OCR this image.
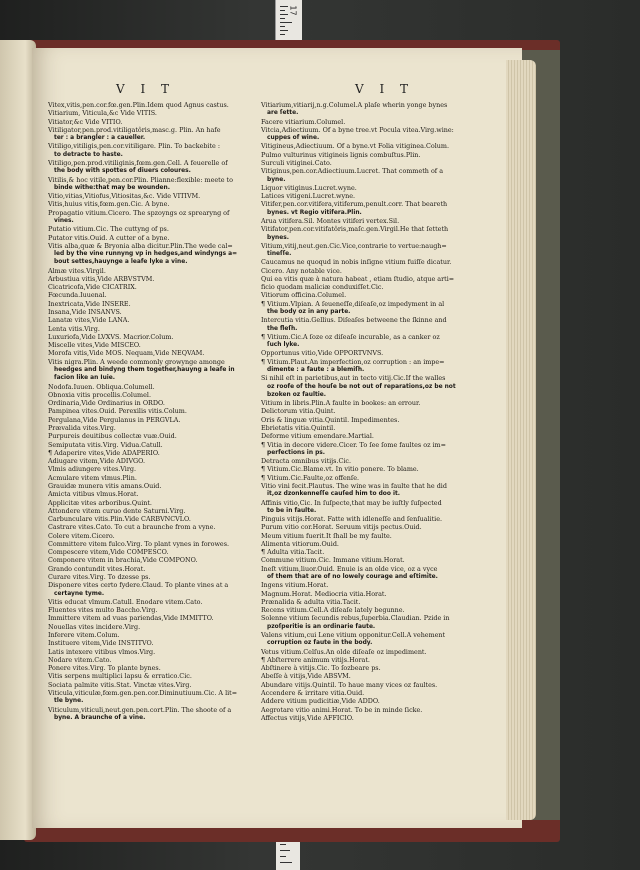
17
V I T	V I T
Vitex,vitis,pen.cor.fœ.gen.Plin.Idem quod Agnus castus.
Vitiarium, Viticula,&c Vide VITIS.
Vitiator,&c Vide VITIO.
Vitiligator,pen.prod.vitiligatôris,masc.g. Plin. An hafe
ter : a brangler : a caueller.
Vitiligo,vitiligis,pen.cor.vitiligare. Plin. To backebite :
to detracte to haste.
Vitiligo,pen.prod.vitiliginis,fœm.gen.Cell. A feuerelle of
the body with spottes of diuers coloures.
Vitilis,& hoc vitile,pen.cor.Plin. Plianne:flexible: meete to
binde withe:that may be wounden.
Vitio,vitias,Vitiofus,Vitiositas,&c. Vide VITIVM.
Vitis,huius vitis,fœm.gen.Cic. A byne.
Propagatio vitium.Cicero. The spzoyngs oz sprearyng of
vines.
Putatio vitium.Cic. The cuttyng of ps.
Putator vitis.Ouid. A cutter of a byne.
Vitis alba,quæ & Bryonia alba dicitur.Plin.The wede cal=
led by the vine runnyng vp in hedges,and windyngs a=
bout settes,hauynge a leafe lyke a vine.
Almæ vites.Virgil.
Arbustiua vitis,Vide ARBVSTVM.
Cicatricofa,Vide CICATRIX.
Fœcunda.Iuuenal.
Inextricata,Vide INSERE.
Insana,Vide INSANVS.
Lanatæ vites,Vide LANA.
Lenta vitis.Virg.
Luxuriofa,Vide LVXVS. Macrior.Colum.
Miscelle vites,Vide MISCEO.
Morofa vitis,Vide MOS. Nequam,Vide NEQVAM.
Vitis nigra.Plin. A weede commonly growynge amonge
heedges and bindyng them together,hauyng a leafe in
facion like an Iuie.
Nodofa.Iuuen. Obliqua.Columell.
Obnoxia vitis procellis.Columel.
Ordinaria,Vide Ordinarius in ORDO.
Pampinea vites.Ouid. Perexilis vitis.Colum.
Pergulana,Vide Pergulanus in PERGVLA.
Prævalida vites.Virg.
Purpureis deuitibus collectæ vuæ.Ouid.
Semiputata vitis.Virg. Vidua.Catull.
¶ Adaperire vites,Vide ADAPERIO.
Adiugare vitem,Vide ADIVGO.
Vlmis adiungere vites.Virg.
Acmulare vitem vlmus.Plin.
Grauidæ munera vitis amans.Ouid.
Amicta vitibus vlmus.Horat.
Applicitæ vites arboribus.Quint.
Attondere vitem curuo dente Saturni.Virg.
Carbunculare vitis.Plin.Vide CARBVNCVLO.
Castrare vites.Cato. To cut a braunche from a vyne.
Colere vitem.Cicero.
Committere vitem fulco.Virg. To plant vynes in forowes.
Compescere vitem,Vide COMPESCO.
Componere vitem in brachia,Vide COMPONO.
Grando contundit vites.Horat.
Curare vites.Virg. To dzesse ps.
Disponere vites certo fydere.Claud. To plante vines at a
certayne tyme.
Vitis educat vlmum.Catull. Enodare vitem.Cato.
Fluentes vites multo Baccho.Virg.
Immittere vitem ad vuas pariendas,Vide IMMITTO.
Nouellas vites incidere.Virg.
Inferere vitem.Colum.
Instituere vitem,Vide INSTITVO.
Latis intexere vitibus vlmos.Virg.
Nodare vitem.Cato.
Ponere vites.Virg. To plante bynes.
Vitis serpens multiplici lapsu & erratico.Cic.
Sociata palmite vitis.Stat. Vinctæ vites.Virg.
Viticula,viticulæ,fœm.gen.pen.cor.Diminutiuum.Cic. A lit=
tle byne.
Viticulum,viticuli,neut.gen.pen.cort.Plin. The shoote of a
byne. A braunche of a vine.
Vitiarium,vitiarij,n.g.Columel.A plaſe wherin yonge bynes
are ſette.
Facere vitiarium.Columel.
Vitcia,Adiectiuum. Of a byne tree.vt Pocula vitea.Virg.wine:
cuppes of wine.
Vitigineus,Adiectiuum. Of a byne.vt Folia vitiginea.Colum.
Pulmo vulturinus vitigineis lignis combuſtus.Plin.
Surculi vitiginei.Cato.
Vitiginus,pen.cor.Adiectiuum.Lucret. That commeth of a
byne.
Liquor vitiginus.Lucret.wyne.
Latices vitigeni.Lucret.wyne.
Vitifer,pen.cor.vitifera,vitiferum,penult.corr. That beareth
bynes. vt Regio vitifera.Plin.
Arua vitifera.Sil. Montes vitiferi vertex.Sil.
Vitifator,pen.cor.vitifatôris,maſc.gen.Virgil.He that ſetteth
bynes.
Vitium,vitij,neut.gen.Cic.Vice,contrarie to vertue:naugh=
tineſſe.
Caucamus ne quoqud in nobis inſigne vitium fuiſſe dicatur.
Cicero. Any notable vice.
Qui ea vitis quæ à natura habeat , etiam ſtudio, atque arti=
ficio quodam maliciæ conduxiſſet.Cic.
Vitiorum officina.Columel.
¶ Vitium.Vlpian. A ſeueneſſe,diſeaſe,oz impedyment in al
the body oz in any parte.
Intercutia vitia.Gellius. Diſeaſes betweene the ſkinne and
the fleſh.
¶ Vitium.Cic.A ſoze oz diſeaſe incurable, as a canker oz
ſuch lyke.
Opportunus vitio,Vide OPPORTVNVS.
¶ Vitium.Plaut.An imperfection,oz corruption : an impe=
dimente : a faute : a blemiſh.
Si nihil eſt in parietibus,aut in tecto vitij.Cic.If the walles
oz roofe of the houſe be not out of reparations,oz be not
bzoken oz faultie.
Vitium in libris.Plin.A faulte in bookes: an errour.
Delictorum vitia.Quint.
Oris & linguæ vitia.Quintil. Impedimentes.
Ebrietatis vitia.Quintil.
Deforme vitium emendare.Martial.
¶ Vitia in decore videre.Cicer. To ſee ſome faultes oz im=
perfections in ps.
Detracta omnibus vitijs.Cic.
¶ Vitium.Cic.Blame.vt. In vitio ponere. To blame.
¶ Vitium.Cic.Faulte,oz offenſe.
Vitio vini fecit.Plautus. The wine was in faulte that he did
it,oz dzonkenneſſe cauſed him to doo it.
Affinis vitio,Cic. In ſuſpecte,that may be iuſtly ſuſpected
to be in faulte.
Pinguis vitijs.Horat. Fatte with idleneſſe and ſenſualitie.
Purum vitio cor.Horat. Seruum vitijs pectus.Ouid.
Meum vitium fuerit.It ſhall be my faulte.
Alimenta vitiorum.Ouid.
¶ Adulta vitia.Tacit.
Commune vitium.Cic. Immane vitium.Horat.
Ineſt vitium,liuor.Ouid. Enuie is an olde vice, oz a vyce
of them that are of no lowely courage and eſtimite.
Ingens vitium.Horat.
Magnum.Horat. Mediocria vitia.Horat.
Prænalida & adulta vitia.Tacit.
Recens vitium.Cell.A diſeaſe lately begunne.
Solenne vitium ſecundis rebus,ſuperbia.Claudian. Pzide in
pzoſperitie is an ordinarie faute.
Valens vitium,cui Lene vitium opponitur.Cell.A vehement
corruption oz faute in the body.
Vetus vitium.Celſus.An olde diſeaſe oz impediment.
¶ Abſterrere animum vitijs.Horat.
Abſtinere à vitijs.Cic. To ſozbeare ps.
Abeſſe à vitijs,Vide ABSVM.
Abundare vitijs.Quintil. To haue many vices oz faultes.
Accendere & irritare vitia.Ouid.
Addere vitium pudicitiæ,Vide ADDO.
Aegrotare vitio animi.Horat. To be in minde ſicke.
Affectus vitijs,Vide AFFICIO.
